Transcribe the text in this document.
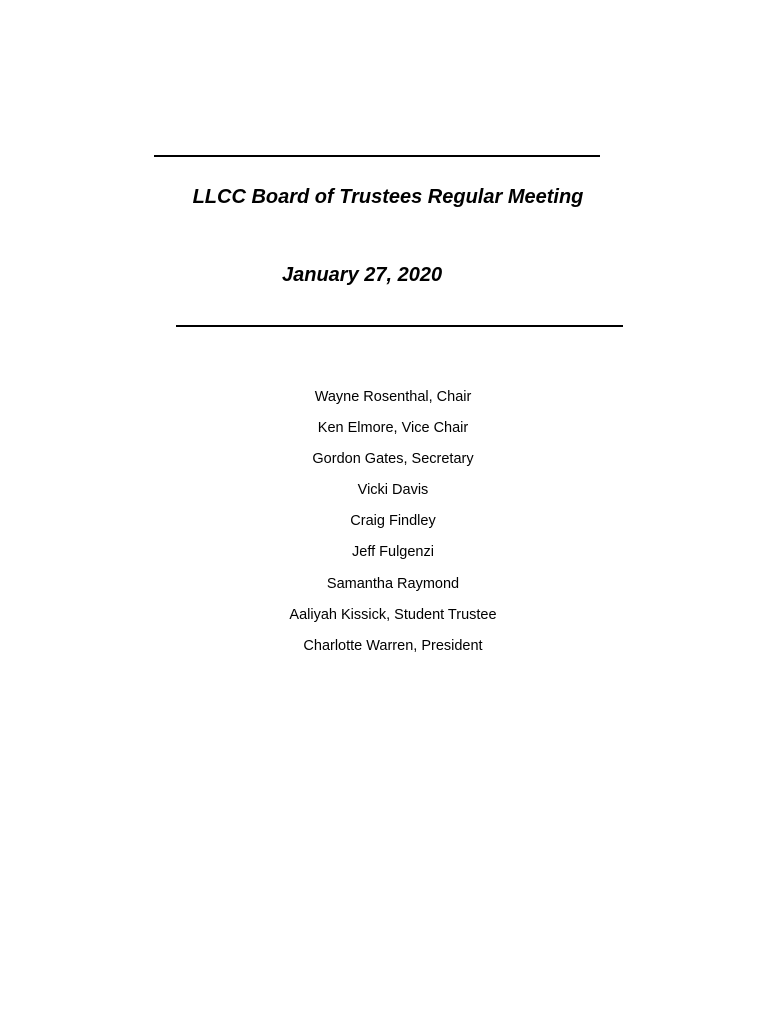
LLCC Board of Trustees Regular Meeting
January 27, 2020
Wayne Rosenthal, Chair
Ken Elmore, Vice Chair
Gordon Gates, Secretary
Vicki Davis
Craig Findley
Jeff Fulgenzi
Samantha Raymond
Aaliyah Kissick, Student Trustee
Charlotte Warren, President
